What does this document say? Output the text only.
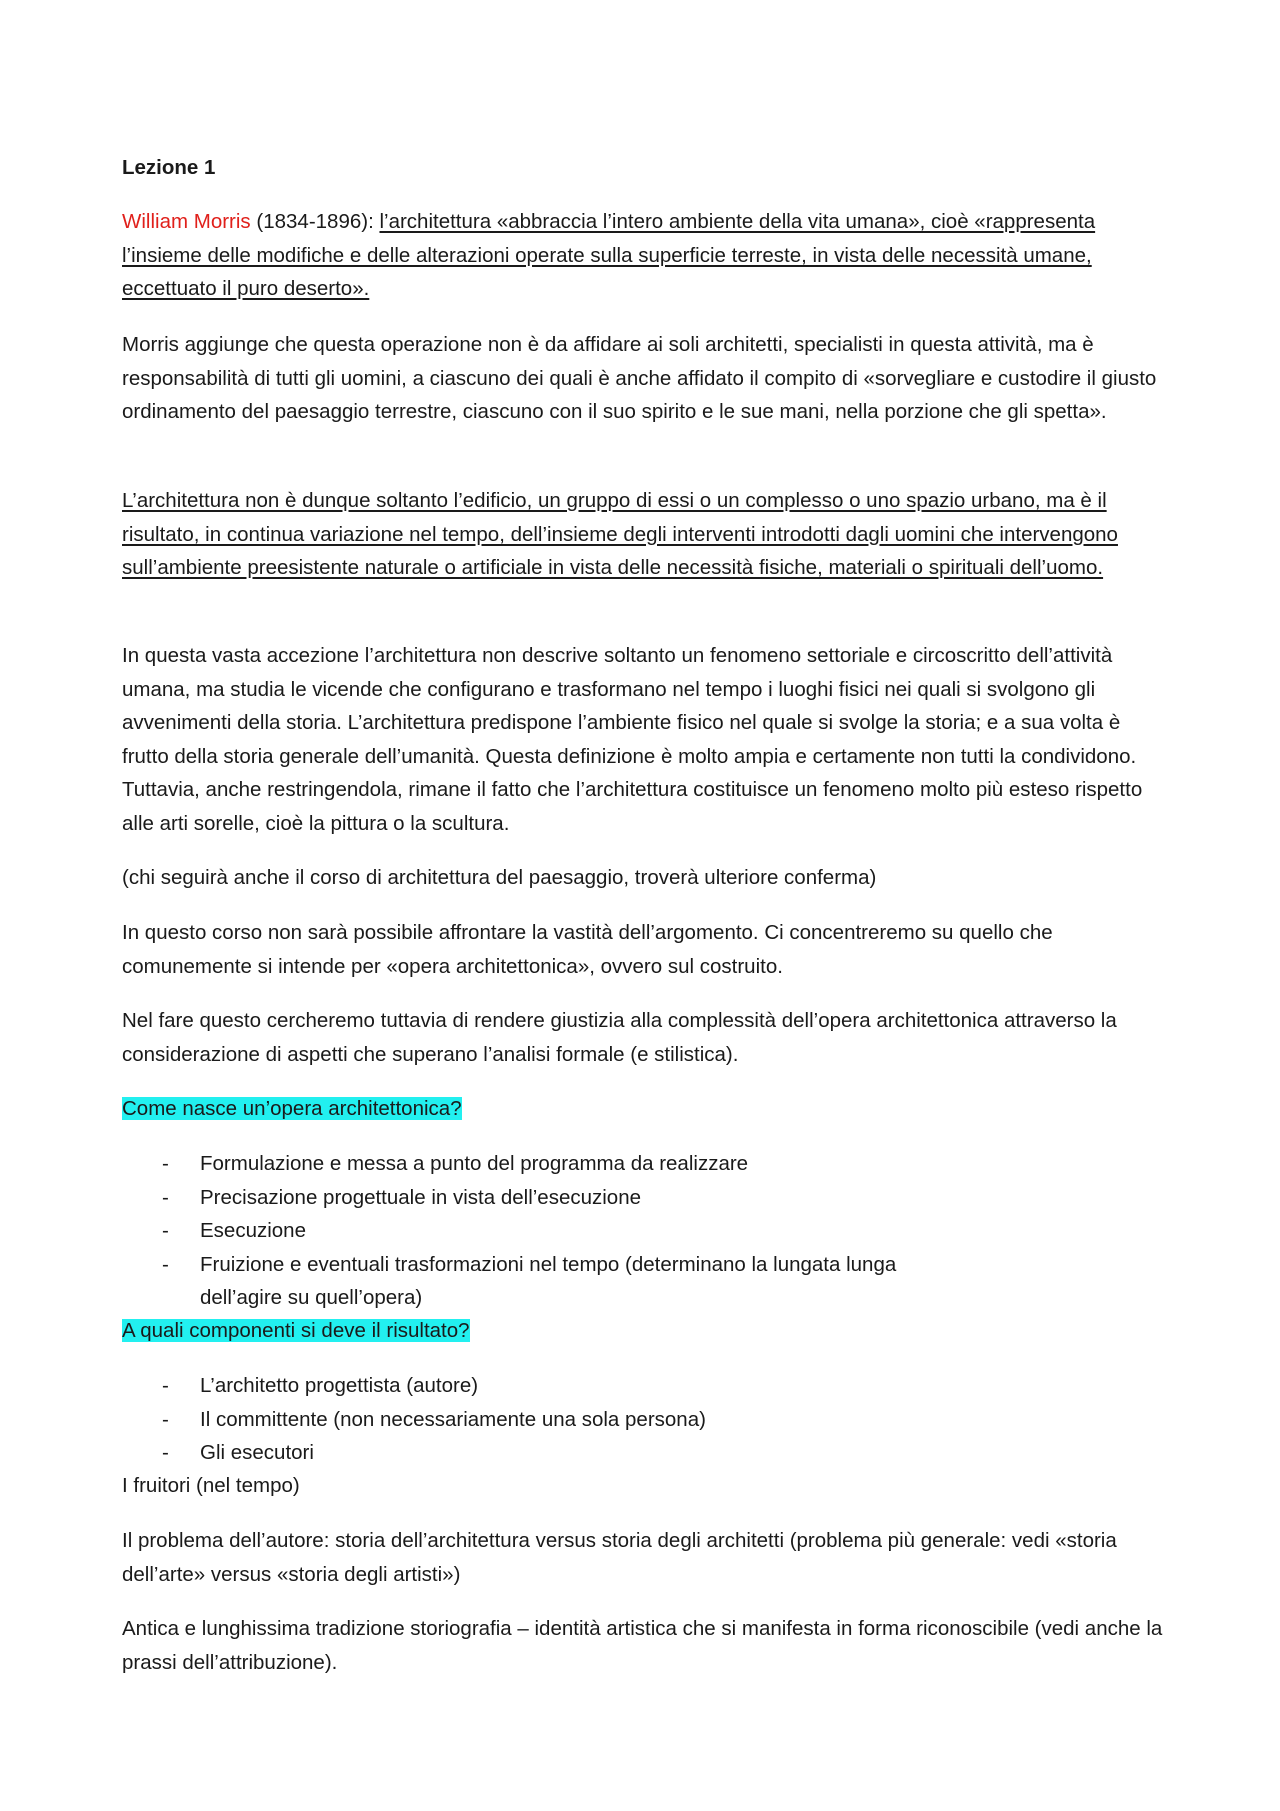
Lezione 1

William Morris (1834-1896): l’architettura «abbraccia l’intero ambiente della vita umana», cioè «rappresenta l’insieme delle modifiche e delle alterazioni operate sulla superficie terreste, in vista delle necessità umane, eccettuato il puro deserto».

Morris aggiunge che questa operazione non è da affidare ai soli architetti, specialisti in questa attività, ma è responsabilità di tutti gli uomini, a ciascuno dei quali è anche affidato il compito di «sorvegliare e custodire il giusto ordinamento del paesaggio terrestre, ciascuno con il suo spirito e le sue mani, nella porzione che gli spetta».

L’architettura non è dunque soltanto l’edificio, un gruppo di essi o un complesso o uno spazio urbano, ma è il risultato, in continua variazione nel tempo, dell’insieme degli interventi introdotti dagli uomini che intervengono sull’ambiente preesistente naturale o artificiale in vista delle necessità fisiche, materiali o spirituali dell’uomo.

In questa vasta accezione l’architettura non descrive soltanto un fenomeno settoriale e circoscritto dell’attività umana, ma studia le vicende che configurano e trasformano nel tempo i luoghi fisici nei quali si svolgono gli avvenimenti della storia. L’architettura predispone l’ambiente fisico nel quale si svolge la storia; e a sua volta è frutto della storia generale dell’umanità. Questa definizione è molto ampia e certamente non tutti la condividono. Tuttavia, anche restringendola, rimane il fatto che l’architettura costituisce un fenomeno molto più esteso rispetto alle arti sorelle, cioè la pittura o la scultura.

(chi seguirà anche il corso di architettura del paesaggio, troverà ulteriore conferma)

In questo corso non sarà possibile affrontare la vastità dell’argomento. Ci concentreremo su quello che comunemente si intende per «opera architettonica», ovvero sul costruito.

Nel fare questo cercheremo tuttavia di rendere giustizia alla complessità dell’opera architettonica attraverso la considerazione di aspetti che superano l’analisi formale (e stilistica).

Come nasce un’opera architettonica?

- Formulazione e messa a punto del programma da realizzare
- Precisazione progettuale in vista dell’esecuzione
- Esecuzione
- Fruizione e eventuali trasformazioni nel tempo (determinano la lungata lunga dell’agire su quell’opera)

A quali componenti si deve il risultato?

- L’architetto progettista (autore)
- Il committente (non necessariamente una sola persona)
- Gli esecutori

I fruitori (nel tempo)

Il problema dell’autore: storia dell’architettura versus storia degli architetti (problema più generale: vedi «storia dell’arte» versus «storia degli artisti»)

Antica e lunghissima tradizione storiografia – identità artistica che si manifesta in forma riconoscibile (vedi anche la prassi dell’attribuzione).
